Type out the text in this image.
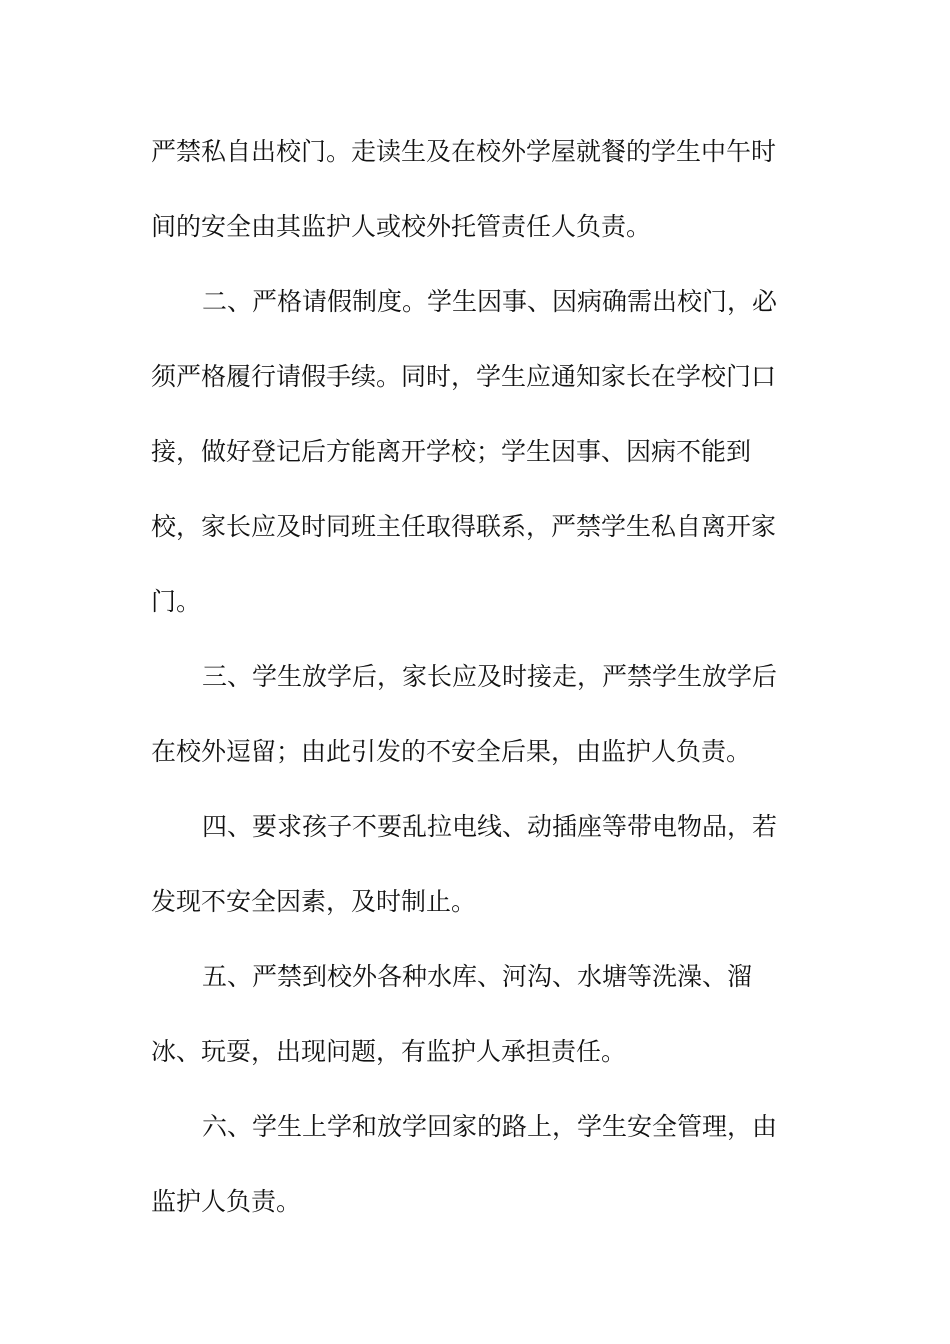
严禁私自出校门。走读生及在校外学屋就餐的学生中午时

间的安全由其监护人或校外托管责任人负责。

二、严格请假制度。学生因事、因病确需出校门，必

须严格履行请假手续。同时，学生应通知家长在学校门口

接，做好登记后方能离开学校；学生因事、因病不能到

校，家长应及时同班主任取得联系，严禁学生私自离开家

门。

三、学生放学后，家长应及时接走，严禁学生放学后

在校外逗留；由此引发的不安全后果，由监护人负责。

四、要求孩子不要乱拉电线、动插座等带电物品，若

发现不安全因素，及时制止。

五、严禁到校外各种水库、河沟、水塘等洗澡、溜

冰、玩耍，出现问题，有监护人承担责任。

六、学生上学和放学回家的路上，学生安全管理，由

监护人负责。
